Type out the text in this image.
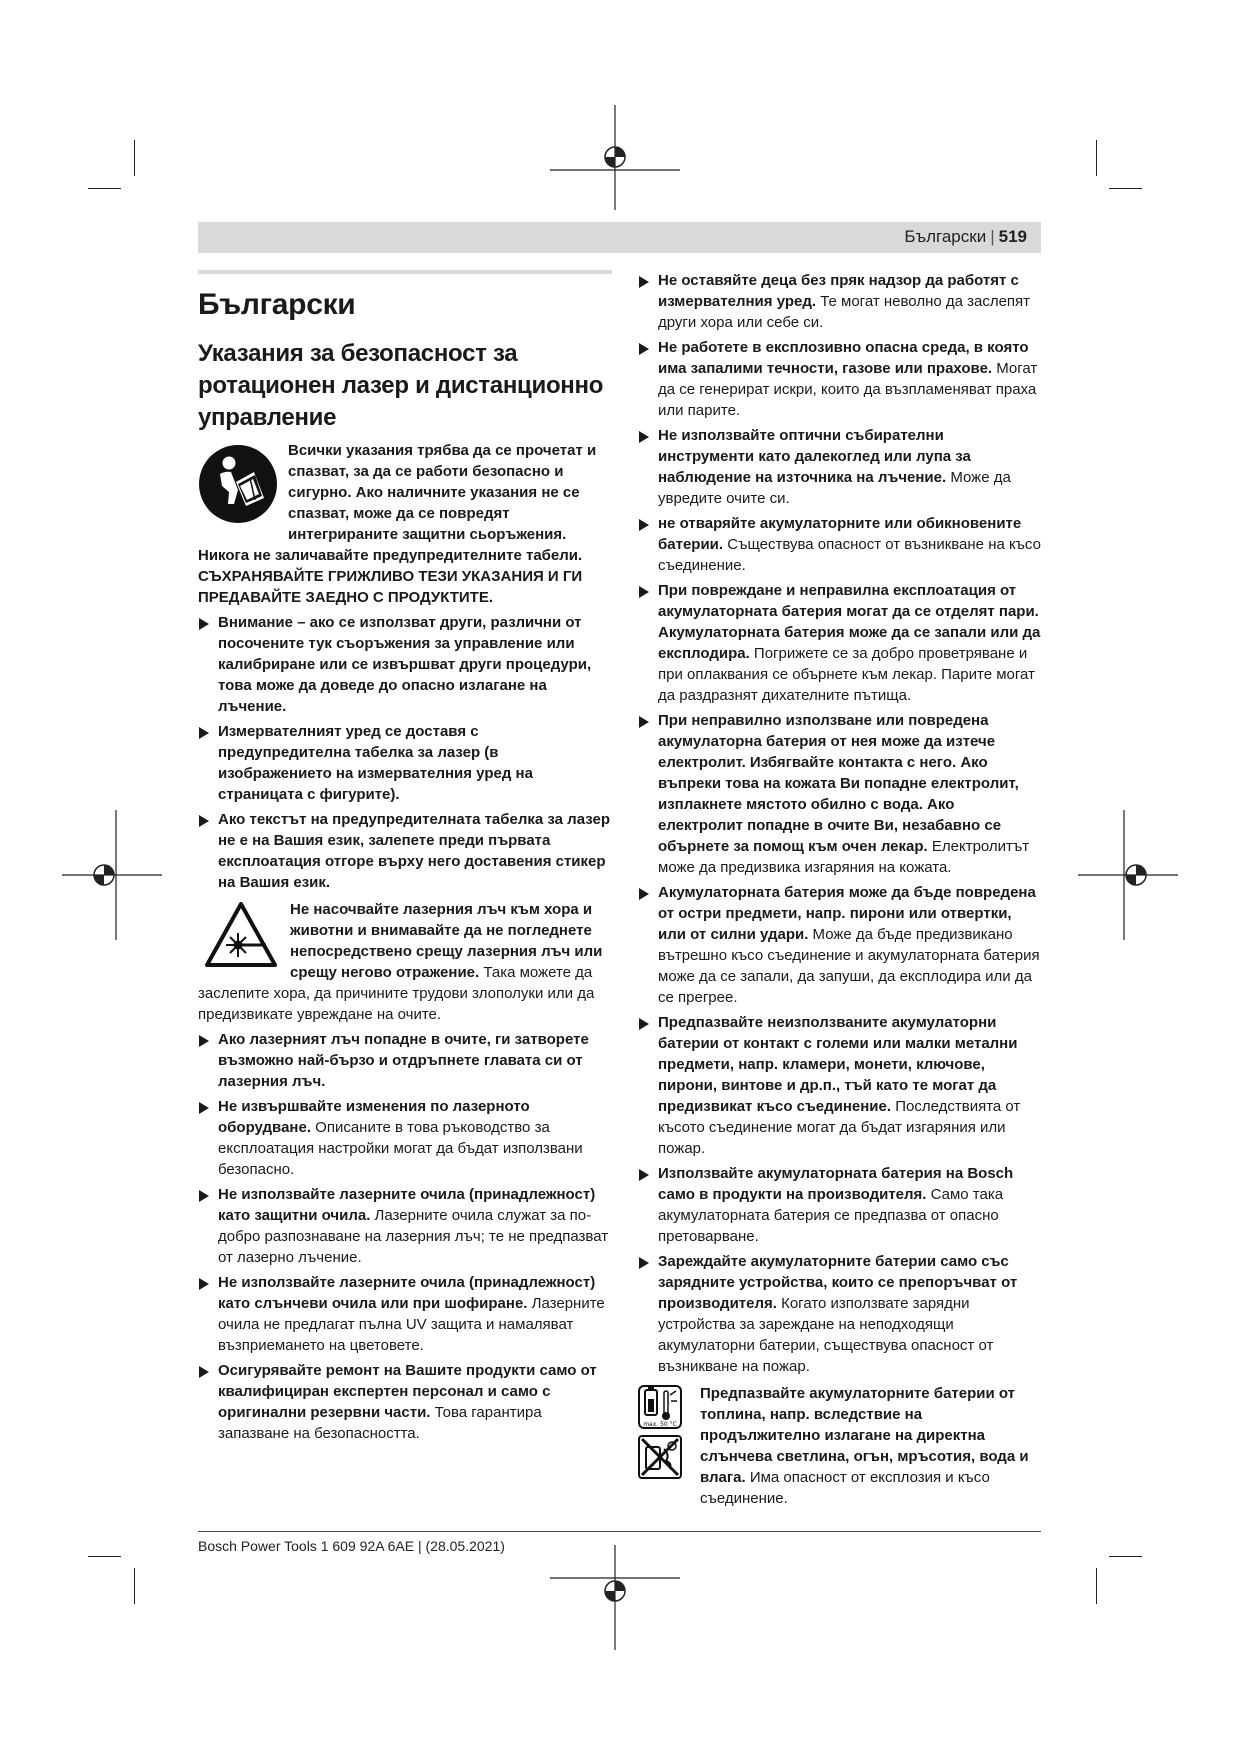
Български | 519
Български
Указания за безопасност за ротационен лазер и дистанционно управление
Всички указания трябва да се прочетат и спазват, за да се работи безопасно и сигурно. Ако наличните указания не се спазват, може да се повредят интегрираните защитни сьоръжения. Никога не заличавайте предупредителните табели.
СЪХРАНЯВАЙТЕ ГРИЖЛИВО ТЕЗИ УКАЗАНИЯ И ГИ ПРЕДАВАЙТЕ ЗАЕДНО С ПРОДУКТИТЕ.
Внимание – ако се използват други, различни от посочените тук съоръжения за управление или калибриране или се извършват други процедури, това може да доведе до опасно излагане на лъчение.
Измервателният уред се доставя с предупредителна табелка за лазер (в изображението на измервателния уред на страницата с фигурите).
Ако текстът на предупредителната табелка за лазер не е на Вашия език, залепете преди първата експлоатация отгоре върху него доставения стикер на Вашия език.
Не насочвайте лазерния лъч към хора и животни и внимавайте да не погледнете непосредствено срещу лазерния лъч или срещу негово отражение. Така можете да заслепите хора, да причините трудови злополуки или да предизвикате увреждане на очите.
Ако лазерният лъч попадне в очите, ги затворете възможно най-бързо и отдръпнете главата си от лазерния лъч.
Не извършвайте изменения по лазерното оборудване. Описаните в това ръководство за експлоатация настройки могат да бъдат използвани безопасно.
Не използвайте лазерните очила (принадлежност) като защитни очила. Лазерните очила служат за по-добро разпознаване на лазерния лъч; те не предпазват от лазерно лъчение.
Не използвайте лазерните очила (принадлежност) като слънчеви очила или при шофиране. Лазерните очила не предлагат пълна UV защита и намаляват възприемането на цветовете.
Осигурявайте ремонт на Вашите продукти само от квалифициран експертен персонал и само с оригинални резервни части. Това гарантира запазване на безопасността.
Не оставяйте деца без пряк надзор да работят с измервателния уред. Те могат неволно да заслепят други хора или себе си.
Не работете в експлозивно опасна среда, в която има запалими течности, газове или прахове. Могат да се генерират искри, които да възпламеняват праха или парите.
Не използвайте оптични събирателни инструменти като далекоглед или лупа за наблюдение на източника на лъчение. Може да увредите очите си.
не отваряйте акумулаторните или обикновените батерии. Съществува опасност от възникване на късо съединение.
При повреждане и неправилна експлоатация от акумулаторната батерия могат да се отделят пари. Акумулаторната батерия може да се запали или да експлодира. Погрижете се за добро проветряване и при оплаквания се обърнете към лекар. Парите могат да раздразнят дихателните пътища.
При неправилно използване или повредена акумулаторна батерия от нея може да изтече електролит. Избягвайте контакта с него. Ако въпреки това на кожата Ви попадне електролит, изплакнете мястото обилно с вода. Ако електролит попадне в очите Ви, незабавно се обърнете за помощ към очен лекар. Електролитът може да предизвика изгаряния на кожата.
Акумулаторната батерия може да бъде повредена от остри предмети, напр. пирони или отвертки, или от силни удари. Може да бъде предизвикано вътрешно късо съединение и акумулаторната батерия може да се запали, да запуши, да експлодира или да се прегрее.
Предпазвайте неизползваните акумулаторни батерии от контакт с големи или малки метални предмети, напр. кламери, монети, ключове, пирони, винтове и др.п., тъй като те могат да предизвикат късо съединение. Последствията от късото съединение могат да бъдат изгаряния или пожар.
Използвайте акумулаторната батерия на Bosch само в продукти на производителя. Само така акумулаторната батерия се предпазва от опасно претоварване.
Зареждайте акумулаторните батерии само със зарядните устройства, които се препоръчват от производителя. Когато използвате зарядни устройства за зареждане на неподходящи акумулаторни батерии, съществува опасност от възникване на пожар.
max. 50 °C
Предпазвайте акумулаторните батерии от топлина, напр. вследствие на продължително излагане на директна слънчева светлина, огън, мръсотия, вода и влага. Има опасност от експлозия и късо съединение.
Bosch Power Tools 1 609 92A 6AE | (28.05.2021)
